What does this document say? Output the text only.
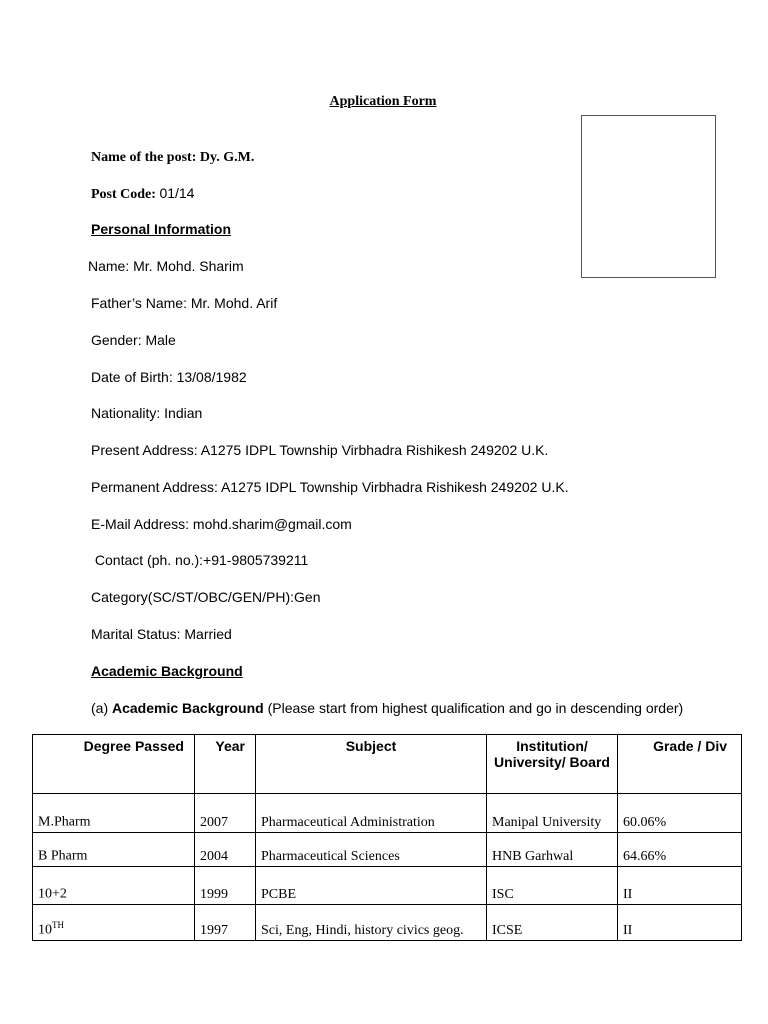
Application Form
Name of the post: Dy. G.M.
Post Code: 01/14
Personal Information
Name: Mr. Mohd. Sharim
Father’s Name: Mr. Mohd. Arif
Gender: Male
Date of Birth: 13/08/1982
Nationality: Indian
Present Address: A1275 IDPL Township Virbhadra Rishikesh 249202 U.K.
Permanent Address: A1275 IDPL Township Virbhadra Rishikesh 249202 U.K.
E-Mail Address: mohd.sharim@gmail.com
Contact (ph. no.):+91-9805739211
Category(SC/ST/OBC/GEN/PH):Gen
Marital Status: Married
Academic Background
(a) Academic Background (Please start from highest qualification and go in descending order)
Degree Passed	Year	Subject	Institution/ University/ Board	Grade / Div
M.Pharm	2007	Pharmaceutical Administration	Manipal University	60.06%
B Pharm	2004	Pharmaceutical Sciences	HNB Garhwal	64.66%
10+2	1999	PCBE	ISC	II
10TH	1997	Sci, Eng, Hindi, history civics geog.	ICSE	II
